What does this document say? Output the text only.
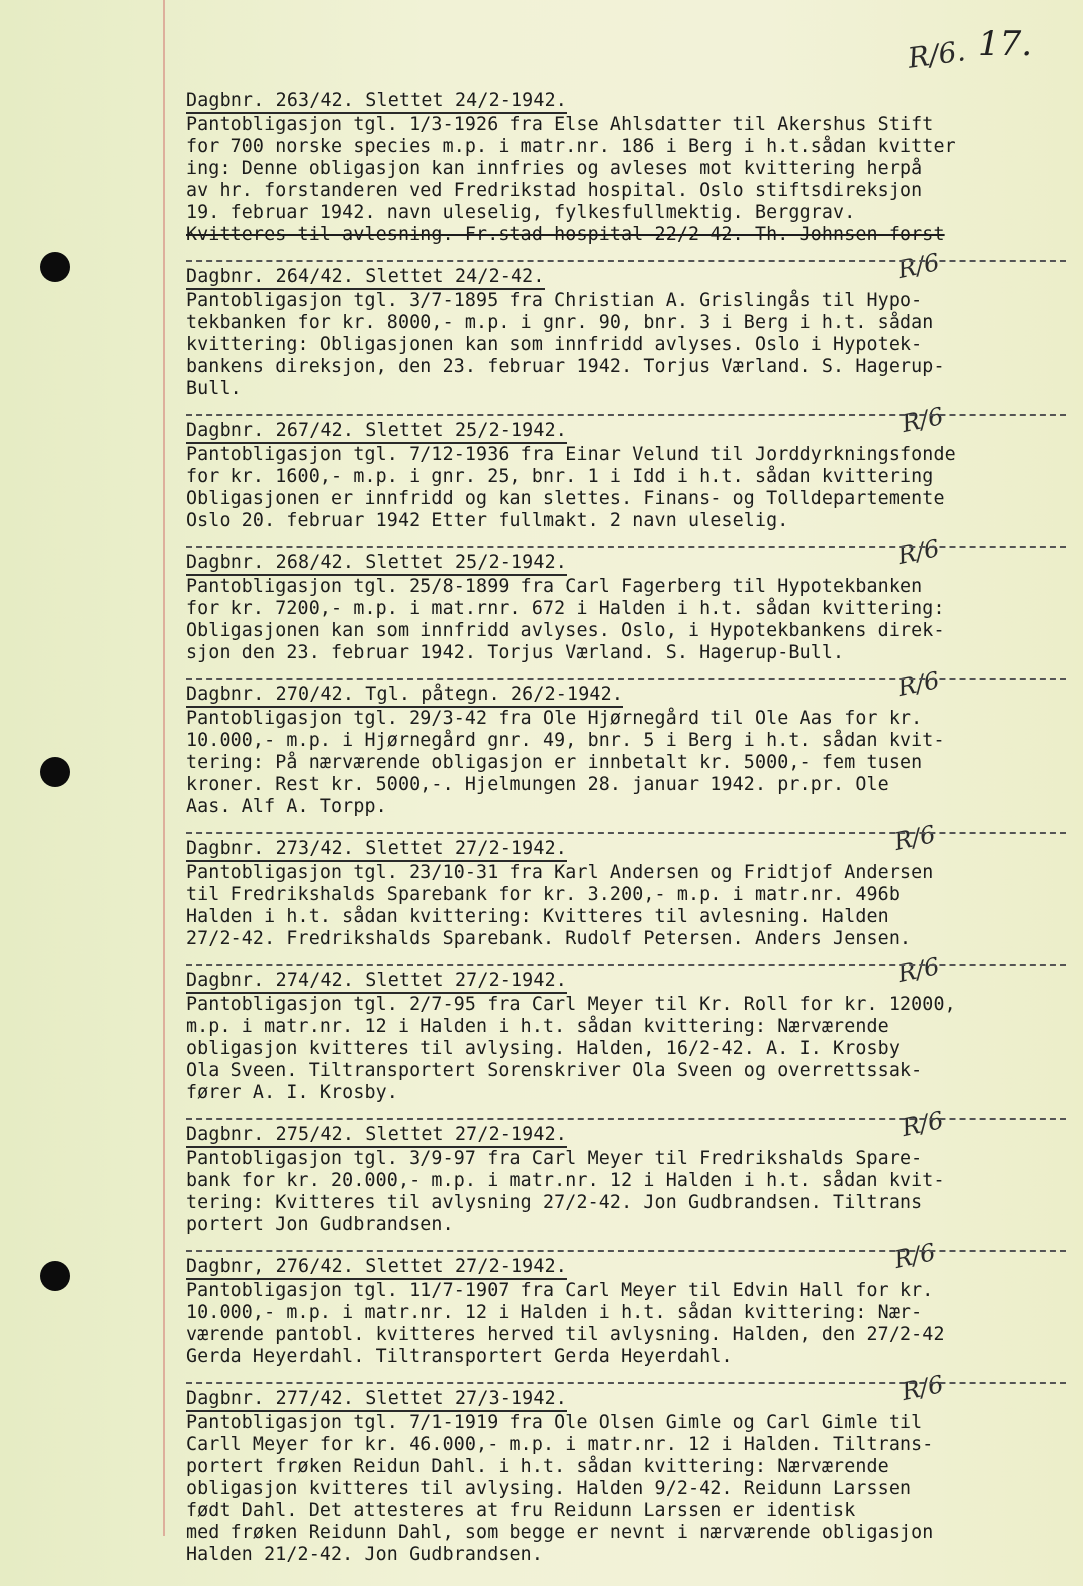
R/6. 17.
Dagbnr. 263/42. Slettet 24/2-1942.
Pantobligasjon tgl. 1/3-1926 fra Else Ahlsdatter til Akershus Stift
for 700 norske species m.p. i matr.nr. 186 i Berg i h.t.sådan kvitter
ing: Denne obligasjon kan innfries og avleses mot kvittering herpå
av hr. forstanderen ved Fredrikstad hospital. Oslo stiftsdireksjon
19. februar 1942. navn uleselig, fylkesfullmektig. Berggrav.
Kvitteres til avlesning. Fr.stad hospital 22/2-42. Th. Johnsen forst
Dagbnr. 264/42. Slettet 24/2-42.	R/6
Pantobligasjon tgl. 3/7-1895 fra Christian A. Grislingås til Hypo-
tekbanken for kr. 8000,- m.p. i gnr. 90, bnr. 3 i Berg i h.t. sådan
kvittering: Obligasjonen kan som innfridd avlyses. Oslo i Hypotek-
bankens direksjon, den 23. februar 1942. Torjus Værland. S. Hagerup-
Bull.
Dagbnr. 267/42. Slettet 25/2-1942.	R/6
Pantobligasjon tgl. 7/12-1936 fra Einar Velund til Jorddyrkningsfonde
for kr. 1600,- m.p. i gnr. 25, bnr. 1 i Idd i h.t. sådan kvittering
Obligasjonen er innfridd og kan slettes. Finans- og Tolldepartemente
Oslo 20. februar 1942 Etter fullmakt. 2 navn uleselig.
Dagbnr. 268/42. Slettet 25/2-1942.	R/6
Pantobligasjon tgl. 25/8-1899 fra Carl Fagerberg til Hypotekbanken
for kr. 7200,- m.p. i mat.rnr. 672 i Halden i h.t. sådan kvittering:
Obligasjonen kan som innfridd avlyses. Oslo, i Hypotekbankens direk-
sjon den 23. februar 1942. Torjus Værland. S. Hagerup-Bull.
Dagbnr. 270/42. Tgl. påtegn. 26/2-1942.	R/6
Pantobligasjon tgl. 29/3-42 fra Ole Hjørnegård til Ole Aas for kr.
10.000,- m.p. i Hjørnegård gnr. 49, bnr. 5 i Berg i h.t. sådan kvit-
tering: På nærværende obligasjon er innbetalt kr. 5000,- fem tusen
kroner. Rest kr. 5000,-. Hjelmungen 28. januar 1942. pr.pr. Ole
Aas. Alf A. Torpp.
Dagbnr. 273/42. Slettet 27/2-1942.	R/6
Pantobligasjon tgl. 23/10-31 fra Karl Andersen og Fridtjof Andersen
til Fredrikshalds Sparebank for kr. 3.200,- m.p. i matr.nr. 496b
Halden i h.t. sådan kvittering: Kvitteres til avlesning. Halden
27/2-42. Fredrikshalds Sparebank. Rudolf Petersen. Anders Jensen.
Dagbnr. 274/42. Slettet 27/2-1942.	R/6
Pantobligasjon tgl. 2/7-95 fra Carl Meyer til Kr. Roll for kr. 12000,
m.p. i matr.nr. 12 i Halden i h.t. sådan kvittering: Nærværende
obligasjon kvitteres til avlysing. Halden, 16/2-42. A. I. Krosby
Ola Sveen. Tiltransportert Sorenskriver Ola Sveen og overrettssak-
fører A. I. Krosby.
Dagbnr. 275/42. Slettet 27/2-1942.	R/6
Pantobligasjon tgl. 3/9-97 fra Carl Meyer til Fredrikshalds Spare-
bank for kr. 20.000,- m.p. i matr.nr. 12 i Halden i h.t. sådan kvit-
tering: Kvitteres til avlysning 27/2-42. Jon Gudbrandsen. Tiltrans
portert Jon Gudbrandsen.
Dagbnr, 276/42. Slettet 27/2-1942.	R/6
Pantobligasjon tgl. 11/7-1907 fra Carl Meyer til Edvin Hall for kr.
10.000,- m.p. i matr.nr. 12 i Halden i h.t. sådan kvittering: Nær-
værende pantobl. kvitteres herved til avlysning. Halden, den 27/2-42
Gerda Heyerdahl. Tiltransportert Gerda Heyerdahl.
Dagbnr. 277/42. Slettet 27/3-1942.	R/6
Pantobligasjon tgl. 7/1-1919 fra Ole Olsen Gimle og Carl Gimle til
Carll Meyer for kr. 46.000,- m.p. i matr.nr. 12 i Halden. Tiltrans-
portert frøken Reidun Dahl. i h.t. sådan kvittering: Nærværende
obligasjon kvitteres til avlysing. Halden 9/2-42. Reidunn Larssen
født Dahl. Det attesteres at fru Reidunn Larssen er identisk
med frøken Reidunn Dahl, som begge er nevnt i nærværende obligasjon
Halden 21/2-42. Jon Gudbrandsen.
